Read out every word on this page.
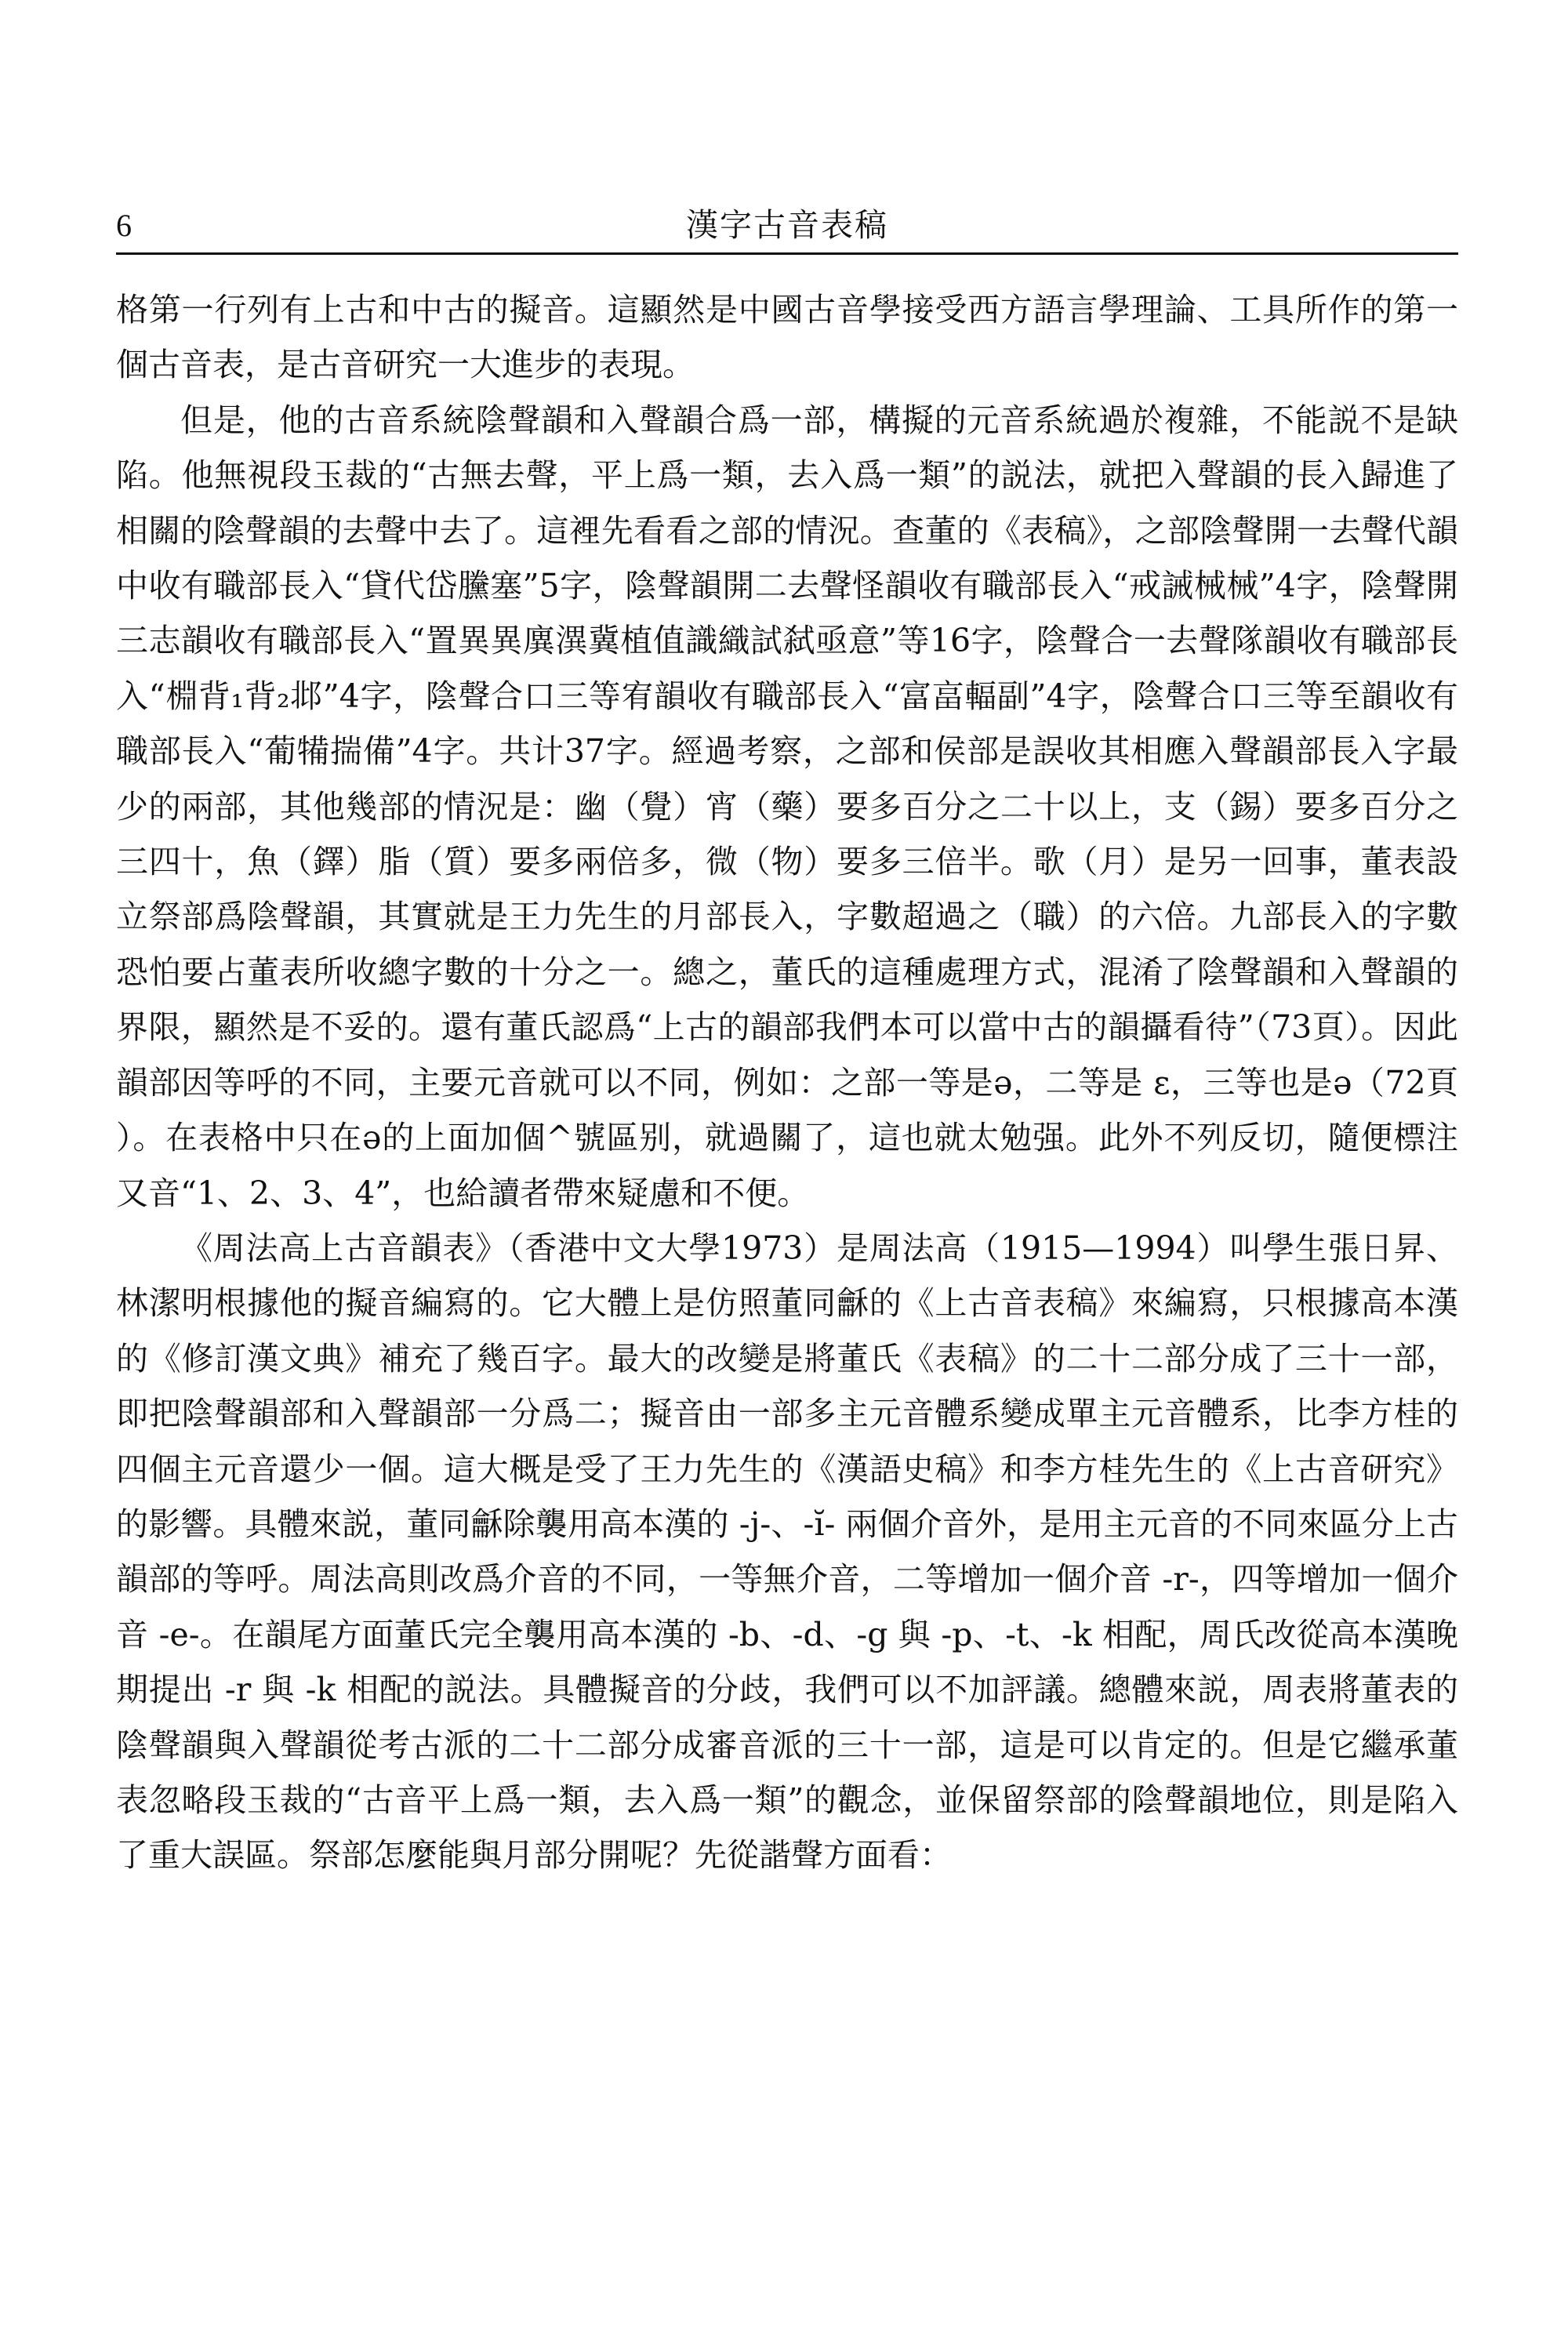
6	漢字古音表稿

格第一行列有上古和中古的擬音。這顯然是中國古音學接受西方語言學理論、工具所作的第一個古音表，是古音研究一大進步的表現。

但是，他的古音系統陰聲韻和入聲韻合爲一部，構擬的元音系統過於複雜，不能説不是缺陷。他無視段玉裁的“古無去聲，平上爲一類，去入爲一類”的説法，就把入聲韻的長入歸進了相關的陰聲韻的去聲中去了。這裡先看看之部的情況。查董的《表稿》，之部陰聲開一去聲代韻中收有職部長入“貸代岱黱塞”5字，陰聲韻開二去聲怪韻收有職部長入“戒誡械械”4字，陰聲開三志韻收有職部長入“置異異廙潩冀植值識織試弑亟意”等16字，陰聲合一去聲隊韻收有職部長入“棩背₁背₂邶”4字，陰聲合口三等宥韻收有職部長入“富畗輻副”4字，陰聲合口三等至韻收有職部長入“葡犕揣備”4字。共计37字。經過考察，之部和侯部是誤收其相應入聲韻部長入字最少的兩部，其他幾部的情況是：幽（覺）宵（藥）要多百分之二十以上，支（錫）要多百分之三四十，魚（鐸）脂（質）要多兩倍多，微（物）要多三倍半。歌（月）是另一回事，董表設立祭部爲陰聲韻，其實就是王力先生的月部長入，字數超過之（職）的六倍。九部長入的字數恐怕要占董表所收總字數的十分之一。總之，董氏的這種處理方式，混淆了陰聲韻和入聲韻的界限，顯然是不妥的。還有董氏認爲“上古的韻部我們本可以當中古的韻攝看待”（73頁）。因此韻部因等呼的不同，主要元音就可以不同，例如：之部一等是ə，二等是 ɛ，三等也是ə（72頁）。在表格中只在ə的上面加個^號區别，就過關了，這也就太勉强。此外不列反切，隨便標注又音“1、2、3、4”，也給讀者帶來疑慮和不便。

《周法高上古音韻表》（香港中文大學1973）是周法高（1915—1994）叫學生張日昇、林潔明根據他的擬音編寫的。它大體上是仿照董同龢的《上古音表稿》來編寫，只根據高本漢的《修訂漢文典》補充了幾百字。最大的改變是將董氏《表稿》的二十二部分成了三十一部，即把陰聲韻部和入聲韻部一分爲二；擬音由一部多主元音體系變成單主元音體系，比李方桂的四個主元音還少一個。這大概是受了王力先生的《漢語史稿》和李方桂先生的《上古音研究》的影響。具體來説，董同龢除襲用高本漢的 -j-、-ĭ- 兩個介音外，是用主元音的不同來區分上古韻部的等呼。周法高則改爲介音的不同，一等無介音，二等增加一個介音 -r-，四等增加一個介音 -e-。在韻尾方面董氏完全襲用高本漢的 -b、-d、-g 與 -p、-t、-k 相配，周氏改從高本漢晚期提出 -r 與 -k 相配的説法。具體擬音的分歧，我們可以不加評議。總體來説，周表將董表的陰聲韻與入聲韻從考古派的二十二部分成審音派的三十一部，這是可以肯定的。但是它繼承董表忽略段玉裁的“古音平上爲一類，去入爲一類”的觀念，並保留祭部的陰聲韻地位，則是陷入了重大誤區。祭部怎麼能與月部分開呢？先從諧聲方面看：
